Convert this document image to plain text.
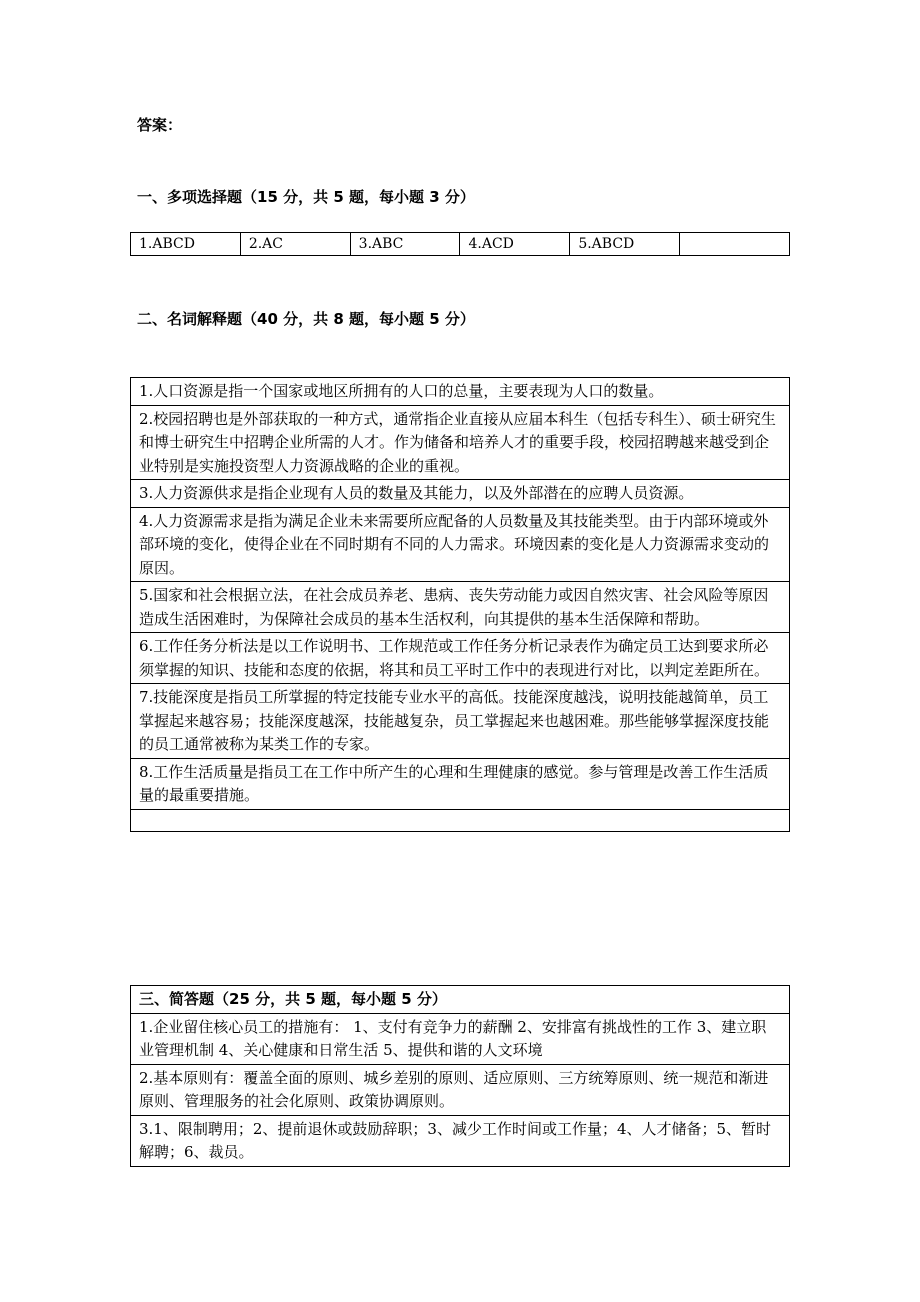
答案：
一、多项选择题（15 分，共 5 题，每小题 3 分）
1.ABCD	2.AC	3.ABC	4.ACD	5.ABCD	
二、名词解释题（40 分，共 8 题，每小题 5 分）
1.人口资源是指一个国家或地区所拥有的人口的总量，主要表现为人口的数量。
2.校园招聘也是外部获取的一种方式，通常指企业直接从应届本科生（包括专科生）、硕士研究生和博士研究生中招聘企业所需的人才。作为储备和培养人才的重要手段，校园招聘越来越受到企业特别是实施投资型人力资源战略的企业的重视。
3.人力资源供求是指企业现有人员的数量及其能力，以及外部潜在的应聘人员资源。
4.人力资源需求是指为满足企业未来需要所应配备的人员数量及其技能类型。由于内部环境或外部环境的变化，使得企业在不同时期有不同的人力需求。环境因素的变化是人力资源需求变动的原因。
5.国家和社会根据立法，在社会成员养老、患病、丧失劳动能力或因自然灾害、社会风险等原因造成生活困难时，为保障社会成员的基本生活权利，向其提供的基本生活保障和帮助。
6.工作任务分析法是以工作说明书、工作规范或工作任务分析记录表作为确定员工达到要求所必须掌握的知识、技能和态度的依据，将其和员工平时工作中的表现进行对比，以判定差距所在。
7.技能深度是指员工所掌握的特定技能专业水平的高低。技能深度越浅，说明技能越简单，员工掌握起来越容易；技能深度越深，技能越复杂，员工掌握起来也越困难。那些能够掌握深度技能的员工通常被称为某类工作的专家。
8.工作生活质量是指员工在工作中所产生的心理和生理健康的感觉。参与管理是改善工作生活质量的最重要措施。

三、简答题（25 分，共 5 题，每小题 5 分）
1.企业留住核心员工的措施有： 1、支付有竞争力的薪酬 2、安排富有挑战性的工作 3、建立职业管理机制 4、关心健康和日常生活 5、提供和谐的人文环境
2.基本原则有：覆盖全面的原则、城乡差别的原则、适应原则、三方统筹原则、统一规范和渐进原则、管理服务的社会化原则、政策协调原则。
3.1、限制聘用；2、提前退休或鼓励辞职；3、减少工作时间或工作量；4、人才储备；5、暂时解聘；6、裁员。
